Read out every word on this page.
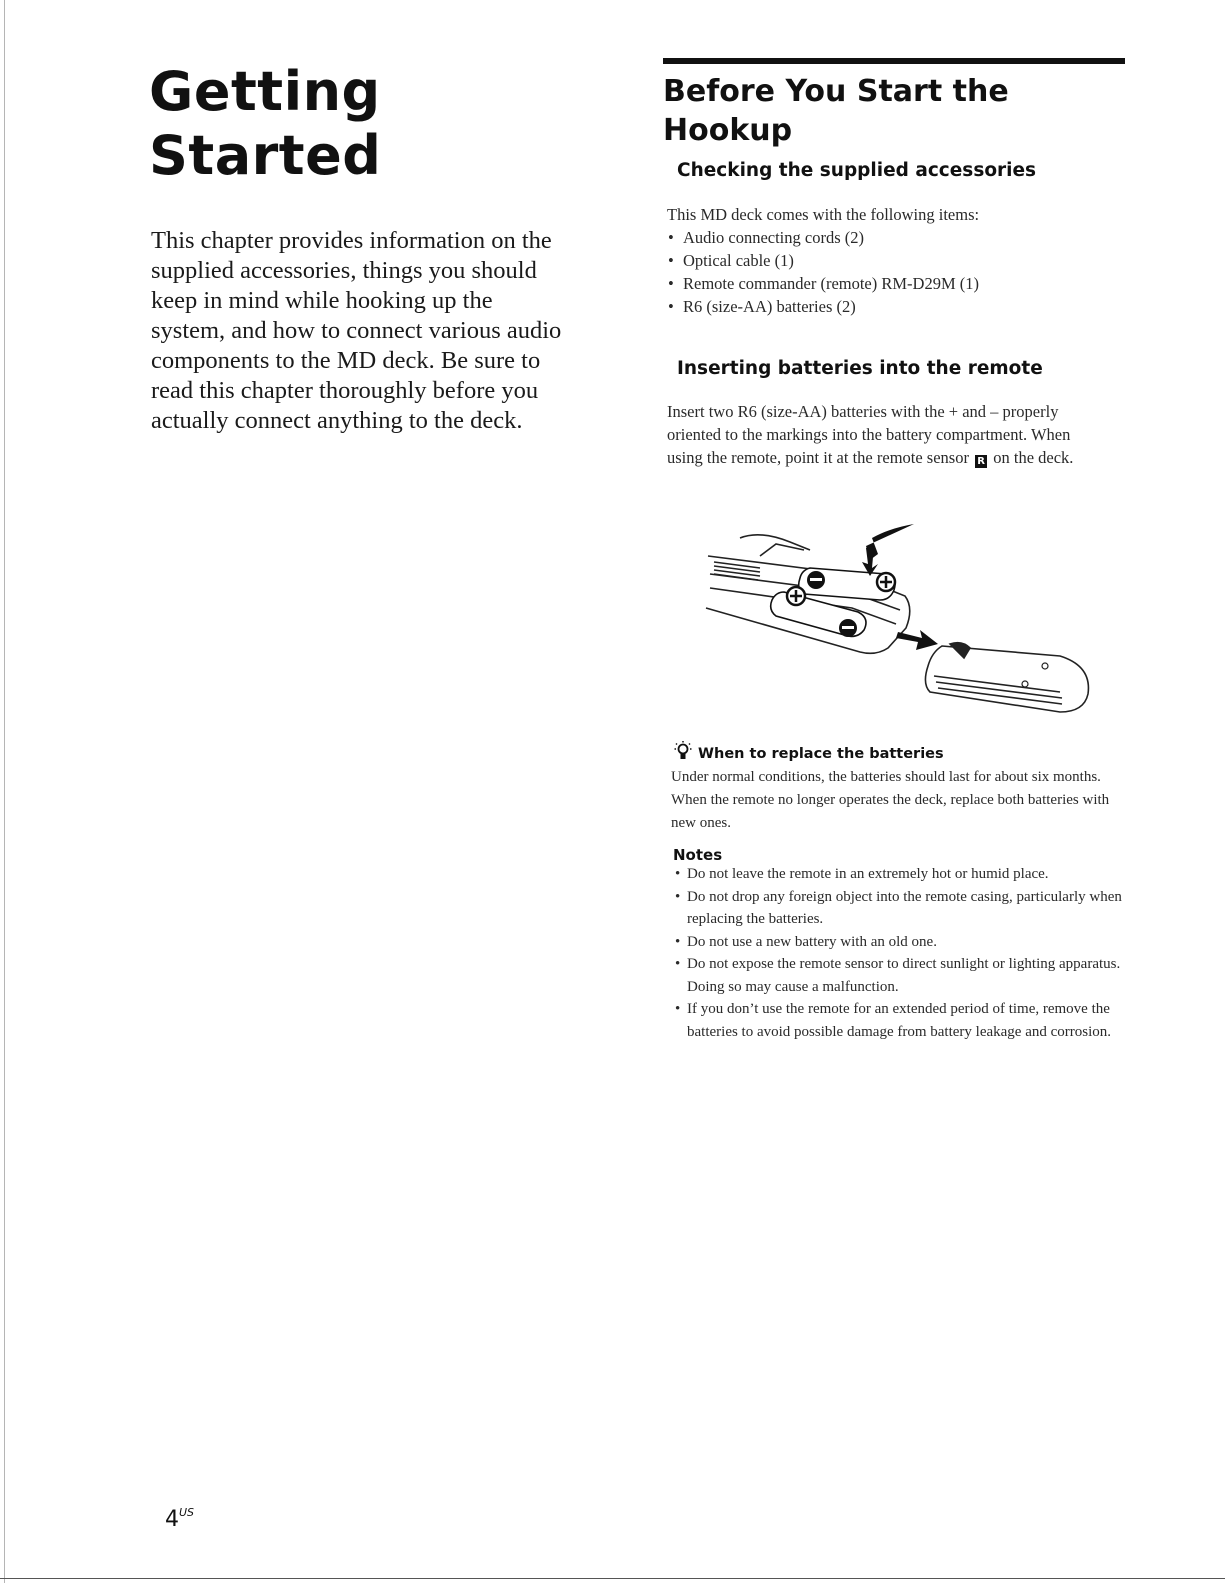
Getting
Started

This chapter provides information on the supplied accessories, things you should keep in mind while hooking up the system, and how to connect various audio components to the MD deck. Be sure to read this chapter thoroughly before you actually connect anything to the deck.

Before You Start the
Hookup
Checking the supplied accessories

This MD deck comes with the following items:

• Audio connecting cords (2)
• Optical cable (1)
• Remote commander (remote) RM-D29M (1)
• R6 (size-AA) batteries (2)
Inserting batteries into the remote

Insert two R6 (size-AA) batteries with the + and – properly oriented to the markings into the battery compartment. When using the remote, point it at the remote sensor R on the deck.

When to replace the batteries

Under normal conditions, the batteries should last for about six months. When the remote no longer operates the deck, replace both batteries with new ones.

Notes
• Do not leave the remote in an extremely hot or humid place.
• Do not drop any foreign object into the remote casing, particularly when replacing the batteries.
• Do not use a new battery with an old one.
• Do not expose the remote sensor to direct sunlight or lighting apparatus. Doing so may cause a malfunction.
• If you don’t use the remote for an extended period of time, remove the batteries to avoid possible damage from battery leakage and corrosion.

$4^{US}$
